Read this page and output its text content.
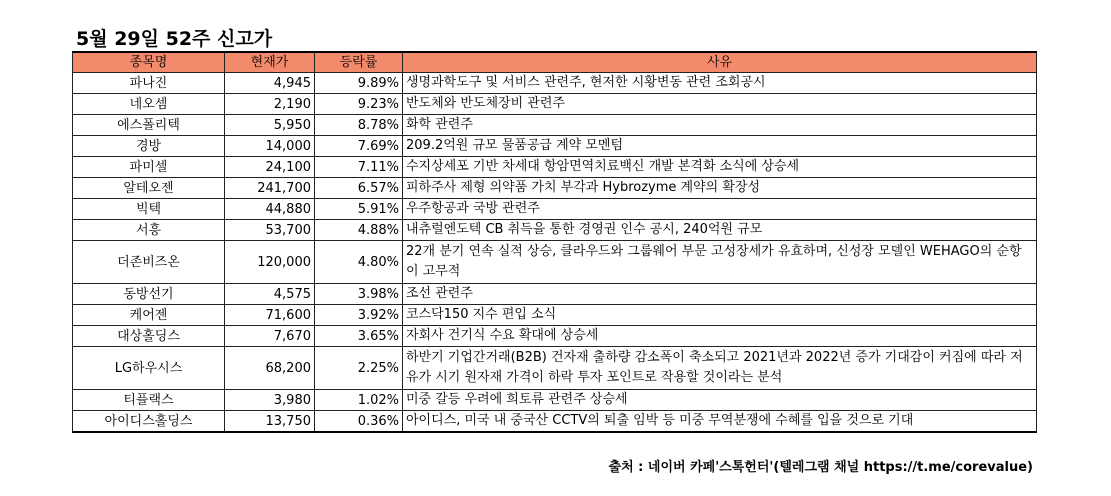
5월 29일 52주 신고가
종목명	현재가	등락률	사유
파나진	4,945	9.89%	생명과학도구 및 서비스 관련주, 현저한 시황변동 관련 조회공시
네오셈	2,190	9.23%	반도체와 반도체장비 관련주
에스폴리텍	5,950	8.78%	화학 관련주
경방	14,000	7.69%	209.2억원 규모 물품공급 계약 모멘텀
파미셀	24,100	7.11%	수지상세포 기반 차세대 항암면역치료백신 개발 본격화 소식에 상승세
알테오젠	241,700	6.57%	피하주사 제형 의약품 가치 부각과 Hybrozyme 계약의 확장성
빅텍	44,880	5.91%	우주항공과 국방 관련주
서흥	53,700	4.88%	내츄럴엔도텍 CB 취득을 통한 경영권 인수 공시, 240억원 규모
더존비즈온	120,000	4.80%	22개 분기 연속 실적 상승, 클라우드와 그룹웨어 부문 고성장세가 유효하며, 신성장 모델인 WEHAGO의 순항이 고무적
동방선기	4,575	3.98%	조선 관련주
케어젠	71,600	3.92%	코스닥150 지수 편입 소식
대상홀딩스	7,670	3.65%	자회사 건기식 수요 확대에 상승세
LG하우시스	68,200	2.25%	하반기 기업간거래(B2B) 건자재 출하량 감소폭이 축소되고 2021년과 2022년 증가 기대감이 커짐에 따라 저유가 시기 원자재 가격이 하락 투자 포인트로 작용할 것이라는 분석
티플랙스	3,980	1.02%	미중 갈등 우려에 희토류 관련주 상승세
아이디스홀딩스	13,750	0.36%	아이디스, 미국 내 중국산 CCTV의 퇴출 임박 등 미중 무역분쟁에 수혜를 입을 것으로 기대
출처 : 네이버 카페'스톡헌터'(텔레그램 채널 https://t.me/corevalue)
